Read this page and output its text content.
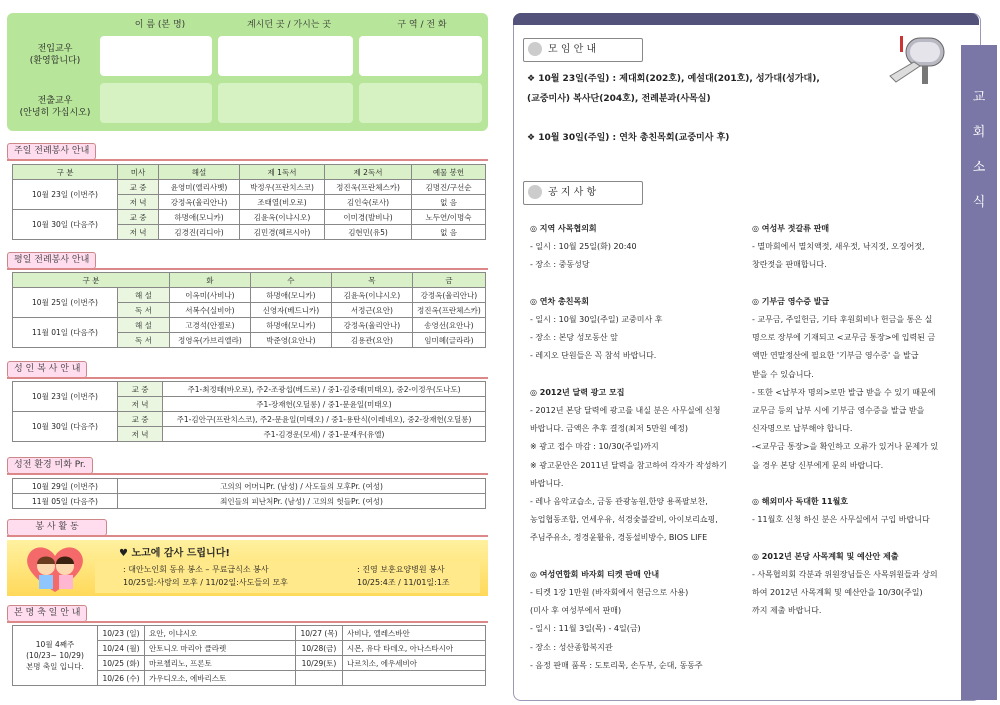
이 름 (본 명)	계시던 곳 / 가시는 곳	구 역 / 전 화
전입교우
(환영합니다)
전출교우
(안녕히 가십시오)
주일 전례봉사 안내
구 분	미사	해설	제 1독서	제 2독서	예물 봉헌
10월 23일 (이번주)	교 중	윤영미(엘리사벳)	박정우(프란치스코)	정진욱(프란체스카)	김명진/구선순
	저 녁	강정옥(율리안나)	조태열(비오로)	김인숙(로사)	없 음
10월 30일 (다음주)	교 중	하명애(모니카)	김윤옥(이냐시오)	이미경(발비나)	노두연/이명숙
	저 녁	김경진(리디아)	김민경(헤르시아)	김현민(유5)	없 음
평일 전례봉사 안내
구 분		화	수	목	금
10월 25일 (이번주)	해 설	이옥미(사비나)	하명애(모니카)	김윤옥(이냐시오)	강정옥(율리안나)
	독 서	서복수(실비아)	신영자(베드니카)	서정근(요안)	정진옥(프란체스카)
11월 01일 (다음주)	해 설	고경석(안젤로)	하명애(모니카)	강정옥(율리안나)	송영선(요안나)
	독 서	정영옥(가브리엘라)	박준영(요안나)	김용관(요안)	임미혜(글라라)
성 인 복 사 안 내
10월 23일 (이번주)	교 중	주1-최정태(바오로), 주2-조광섭(베드로) / 중1-김중태(미태오), 중2-이정우(도나도)
	저 녁	주1-장재헌(오딜롱) / 중1-문윤일(미태오)
10월 30일 (다음주)	교 중	주1-김안구(프란치스코), 주2-문윤일(미태오) / 중1-용탄식(이레네오), 중2-장재헌(오딜롱)
	저 녁	주1-김경운(모세) / 중1-문재우(유엘)
성전 환경 미화 Pr.
10월 29일 (이번주)	고의의 어머니Pr. (남성) / 사도들의 모후Pr. (여성)
11월 05일 (다음주)	죄인들의 피난처Pr. (남성) / 고의의 헛들Pr. (여성)
봉 사 활 동
♥ 노고에 감사 드립니다!
: 대안노인회 동유 봉소 – 무료급식소 봉사
10/25일:사랑의 모후 / 11/02일:사도들의 모후
: 진영 보훈요양병원 봉사
10/25:4조 / 11/01일:1조
본 명 축 일 안 내
10월 4째주
(10/23~ 10/29)
본명 축일 입니다.	10/23 (일)	요안, 이냐시오	10/27 (목)	사비나, 엘레스바안
	10/24 (월)	안토니오 마리아 클라렛	10/28(금)	시몬, 유다 타데오, 아나스타시아
	10/25 (화)	마르첼리노, 프론토	10/29(토)	나르치소, 에우세비아
	10/26 (수)	가우디오소, 에바리스토		
교
회
소
식
모 임 안 내
❖ 10월 23일(주일) : 제대회(202호), 예설대(201호), 성가대(성가대),
(교중미사) 복사단(204호), 전례분과(사목실)
❖ 10월 30일(주일) : 연차 총친목회(교중미사 후)
공 지 사 항
◎ 지역 사목협의회
- 일시 : 10월 25일(화) 20:40
- 장소 : 중동성당
◎ 연차 총친목회
- 일시 : 10월 30일(주일) 교중미사 후
- 장소 : 본당 성모동산 앞
- 레지오 단원들은 꼭 참석 바랍니다.
◎ 2012년 달력 광고 모집
- 2012년 본당 달력에 광고를 내실 분은 사무실에 신청
바랍니다. 금액은 추후 결정(최저 5만원 예정)
※ 광고 접수 마감 : 10/30(주일)까지
※ 광고문안은 2011년 달력을 참고하여 각자가 작성하기
바랍니다.
- 레나 음악교습소, 금동 관광농원,한양 용폭팔보찬,
농업협동조합, 언세우유, 석경숯불갈비, 아이보리쇼핑,
주님주유소, 정경윤활유, 경동설비방수, BIOS LIFE
◎ 여성연합회 바자회 티켓 판매 안내
- 티켓 1장 1만원 (바자회에서 현금으로 사용)
(미사 후 여성부에서 판매)
- 일시 : 11월 3일(목) - 4일(금)
- 장소 : 성산종합복지관
- 음정 판매 품목 : 도토리묵, 손두부, 순대, 동동주
◎ 여성부 젓갈류 판매
- 멸마회에서 멸치액젓, 새우젓, 낙지젓, 오징어젓,
창란젓을 판매합니다.
◎ 기부금 영수증 발급
- 교무금, 주일헌금, 기타 후원회비나 헌금을 통은 실
명으로 장부에 기재되고 <교무금 통장>에 입력된 금
액만 연말정산에 필요한 '기부금 영수증' 을 발급
받을 수 있습니다.
- 또한 <납부자 명의>로만 발급 받을 수 있기 때문에
교무금 등의 납부 시에 기부금 영수증을 발급 받을
신자명으로 납부해야 합니다.
-<교무금 통장>을 확인하고 오류가 있거나 문제가 있
을 경우 본당 신부에게 문의 바랍니다.
◎ 해외미사 독대한 11월호
- 11월호 신청 하신 분은 사무실에서 구입 바랍니다
◎ 2012년 본당 사목계획 및 예산안 제출
- 사목협의회 각분과 위원장님들은 사목위원들과 상의
하여 2012년 사목계획 및 예산안을 10/30(주일)
까지 제출 바랍니다.
